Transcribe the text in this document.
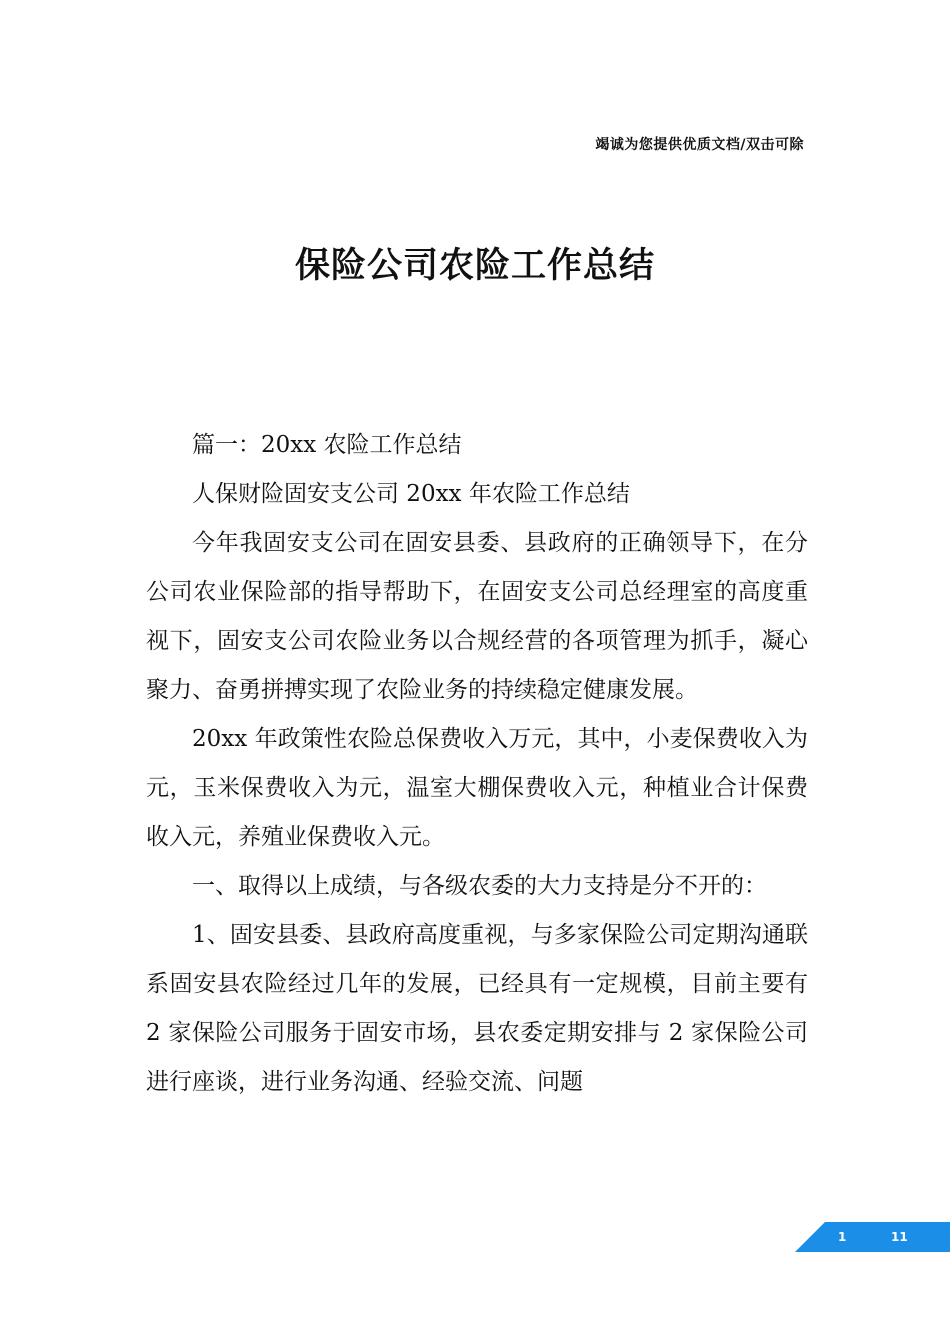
竭诚为您提供优质文档/双击可除
保险公司农险工作总结

篇一：20xx 农险工作总结

人保财险固安支公司 20xx 年农险工作总结

今年我固安支公司在固安县委、县政府的正确领导下，在分公司农业保险部的指导帮助下，在固安支公司总经理室的高度重视下，固安支公司农险业务以合规经营的各项管理为抓手，凝心聚力、奋勇拼搏实现了农险业务的持续稳定健康发展。

20xx 年政策性农险总保费收入万元，其中，小麦保费收入为元，玉米保费收入为元，温室大棚保费收入元，种植业合计保费收入元，养殖业保费收入元。

一、取得以上成绩，与各级农委的大力支持是分不开的：

1、固安县委、县政府高度重视，与多家保险公司定期沟通联系固安县农险经过几年的发展，已经具有一定规模，目前主要有 2 家保险公司服务于固安市场，县农委定期安排与 2 家保险公司进行座谈，进行业务沟通、经验交流、问题

1	11
